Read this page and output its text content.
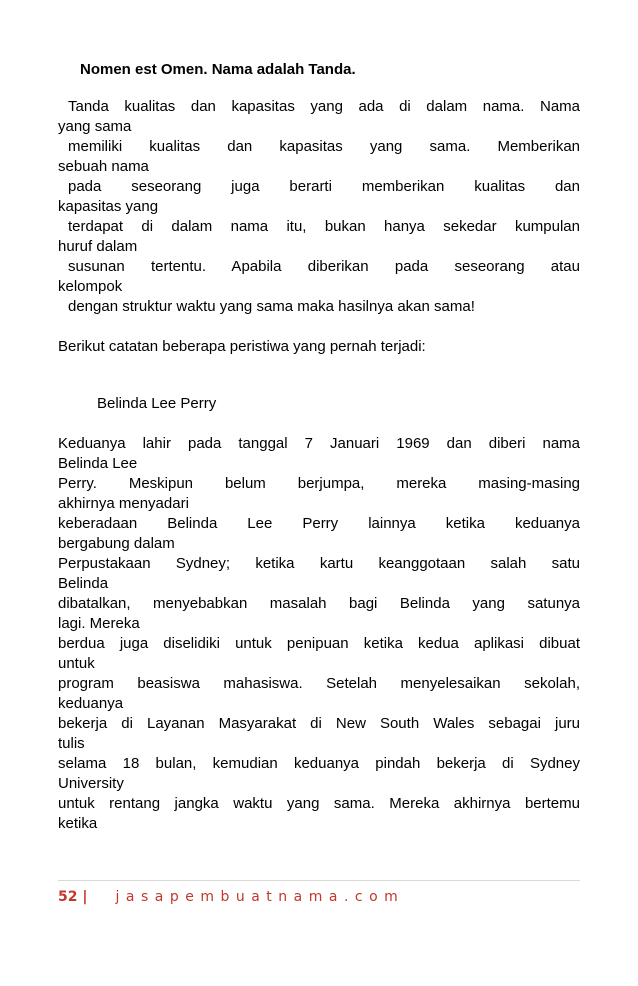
Nomen est Omen. Nama adalah Tanda.
Tanda kualitas dan kapasitas yang ada di dalam nama. Nama
yang sama
memiliki kualitas dan kapasitas yang sama. Memberikan
sebuah nama
pada seseorang juga berarti memberikan kualitas dan
kapasitas yang
terdapat di dalam nama itu, bukan hanya sekedar kumpulan
huruf dalam
susunan tertentu. Apabila diberikan pada seseorang atau
kelompok
dengan struktur waktu yang sama maka hasilnya akan sama!
Berikut catatan beberapa peristiwa yang pernah terjadi:
Belinda Lee Perry
Keduanya lahir pada tanggal 7 Januari 1969 dan diberi nama
Belinda Lee
Perry. Meskipun belum berjumpa, mereka masing-masing
akhirnya menyadari
keberadaan Belinda Lee Perry lainnya ketika keduanya
bergabung dalam
Perpustakaan Sydney; ketika kartu keanggotaan salah satu
Belinda
dibatalkan, menyebabkan masalah bagi Belinda yang satunya
lagi. Mereka
berdua juga diselidiki untuk penipuan ketika kedua aplikasi dibuat
untuk
program beasiswa mahasiswa. Setelah menyelesaikan sekolah,
keduanya
bekerja di Layanan Masyarakat di New South Wales sebagai juru
tulis
selama 18 bulan, kemudian keduanya pindah bekerja di Sydney
University
untuk rentang jangka waktu yang sama. Mereka akhirnya bertemu
ketika
52 | jasapembuatnama.com
